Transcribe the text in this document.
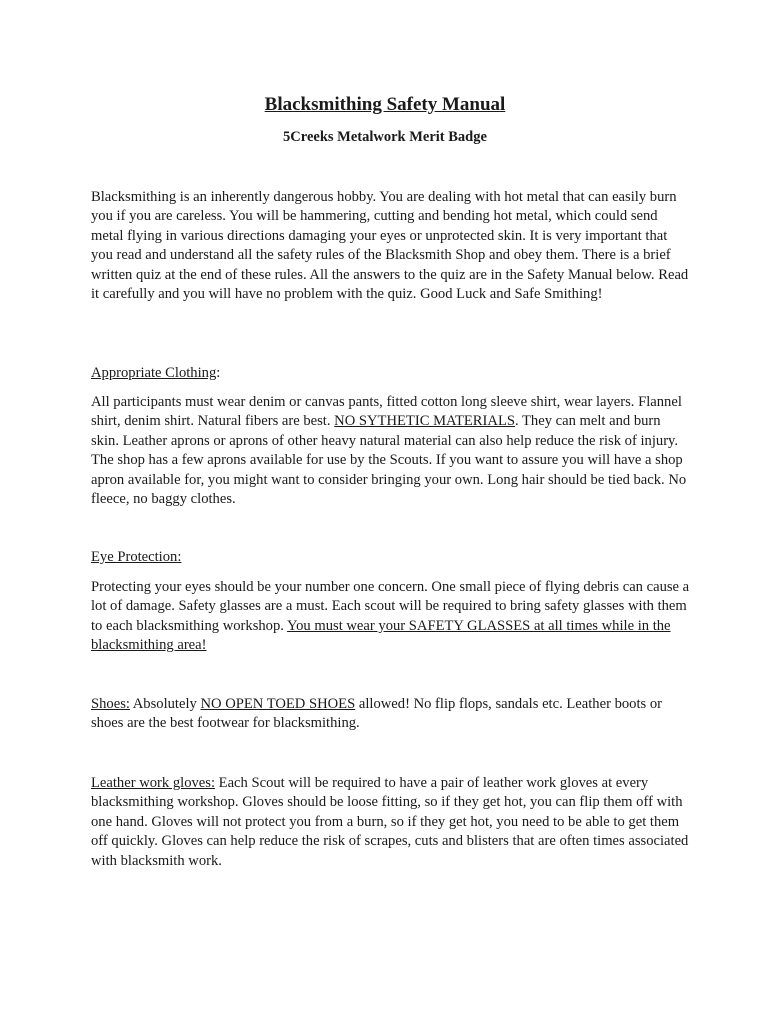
Blacksmithing Safety Manual
5Creeks Metalwork Merit Badge

Blacksmithing is an inherently dangerous hobby. You are dealing with hot metal that can easily burn you if you are careless. You will be hammering, cutting and bending hot metal, which could send metal flying in various directions damaging your eyes or unprotected skin. It is very important that you read and understand all the safety rules of the Blacksmith Shop and obey them. There is a brief written quiz at the end of these rules. All the answers to the quiz are in the Safety Manual below. Read it carefully and you will have no problem with the quiz. Good Luck and Safe Smithing!

Appropriate Clothing:

All participants must wear denim or canvas pants, fitted cotton long sleeve shirt, wear layers. Flannel shirt, denim shirt. Natural fibers are best. NO SYTHETIC MATERIALS. They can melt and burn skin. Leather aprons or aprons of other heavy natural material can also help reduce the risk of injury. The shop has a few aprons available for use by the Scouts. If you want to assure you will have a shop apron available for, you might want to consider bringing your own. Long hair should be tied back. No fleece, no baggy clothes.

Eye Protection:

Protecting your eyes should be your number one concern. One small piece of flying debris can cause a lot of damage. Safety glasses are a must. Each scout will be required to bring safety glasses with them to each blacksmithing workshop. You must wear your SAFETY GLASSES at all times while in the blacksmithing area!

Shoes: Absolutely NO OPEN TOED SHOES allowed! No flip flops, sandals etc. Leather boots or shoes are the best footwear for blacksmithing.

Leather work gloves: Each Scout will be required to have a pair of leather work gloves at every blacksmithing workshop. Gloves should be loose fitting, so if they get hot, you can flip them off with one hand. Gloves will not protect you from a burn, so if they get hot, you need to be able to get them off quickly. Gloves can help reduce the risk of scrapes, cuts and blisters that are often times associated with blacksmith work.
